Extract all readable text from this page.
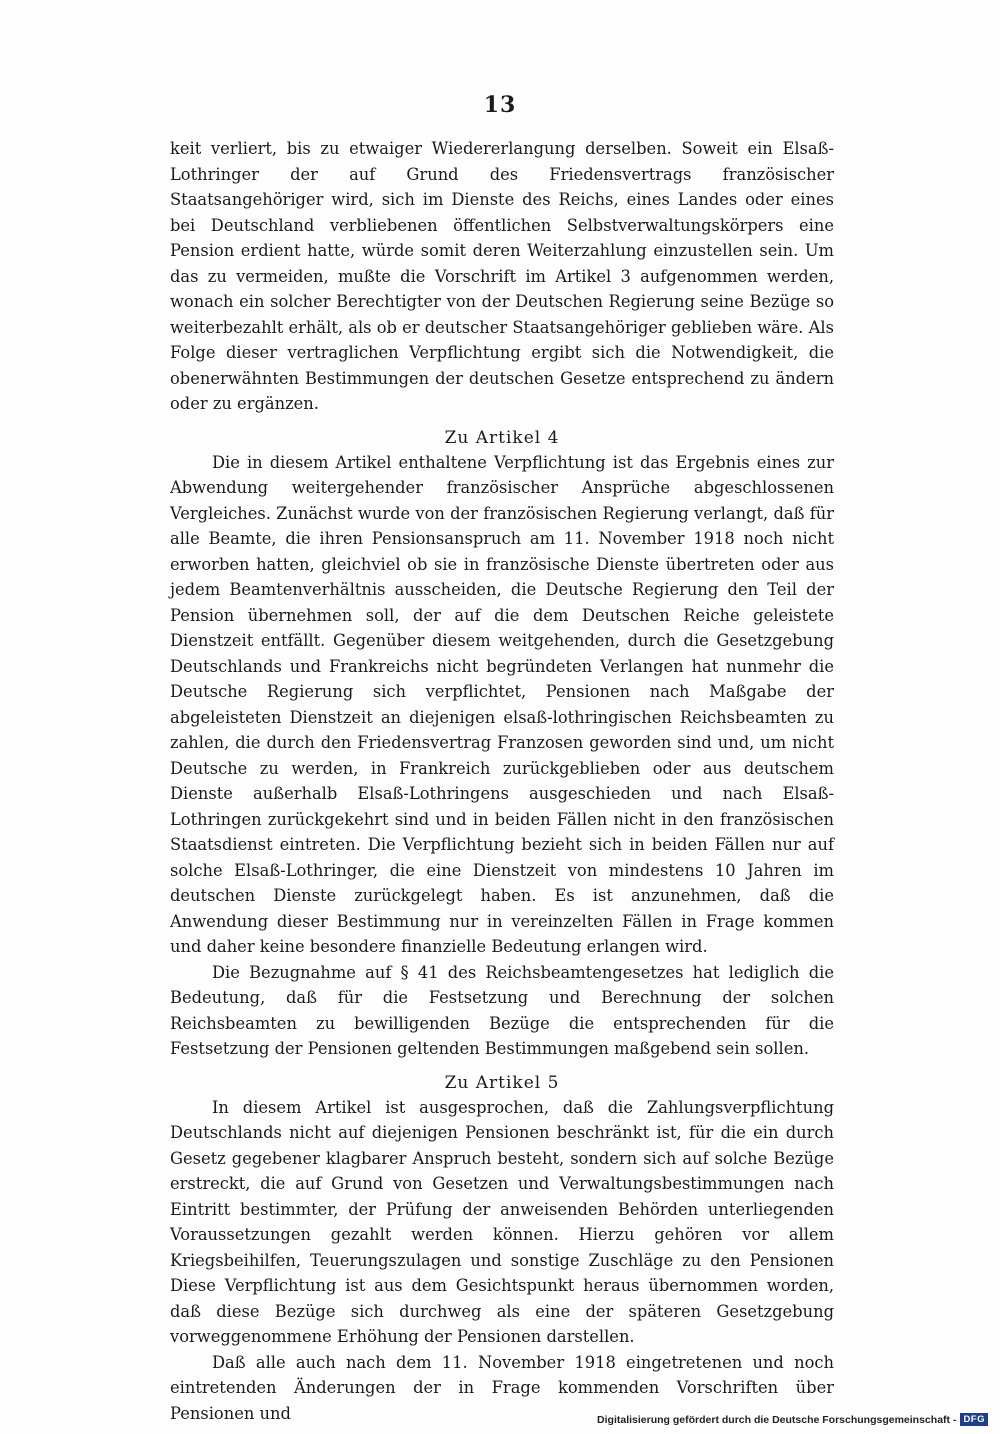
13

keit verliert, bis zu etwaiger Wiedererlangung derselben. Soweit ein Elsaß-Lothringer der auf Grund des Friedensvertrags französischer Staatsangehöriger wird, sich im Dienste des Reichs, eines Landes oder eines bei Deutschland verbliebenen öffentlichen Selbstverwaltungskörpers eine Pension erdient hatte, würde somit deren Weiterzahlung einzustellen sein. Um das zu vermeiden, mußte die Vorschrift im Artikel 3 aufgenommen werden, wonach ein solcher Berechtigter von der Deutschen Regierung seine Bezüge so weiterbezahlt erhält, als ob er deutscher Staatsangehöriger geblieben wäre. Als Folge dieser vertraglichen Verpflichtung ergibt sich die Notwendigkeit, die obenerwähnten Bestimmungen der deutschen Gesetze entsprechend zu ändern oder zu ergänzen.

Zu Artikel 4

Die in diesem Artikel enthaltene Verpflichtung ist das Ergebnis eines zur Abwendung weitergehender französischer Ansprüche abgeschlossenen Vergleiches. Zunächst wurde von der französischen Regierung verlangt, daß für alle Beamte, die ihren Pensionsanspruch am 11. November 1918 noch nicht erworben hatten, gleichviel ob sie in französische Dienste übertreten oder aus jedem Beamtenverhältnis ausscheiden, die Deutsche Regierung den Teil der Pension übernehmen soll, der auf die dem Deutschen Reiche geleistete Dienstzeit entfällt. Gegenüber diesem weitgehenden, durch die Gesetzgebung Deutschlands und Frankreichs nicht begründeten Verlangen hat nunmehr die Deutsche Regierung sich verpflichtet, Pensionen nach Maßgabe der abgeleisteten Dienstzeit an diejenigen elsaß-lothringischen Reichsbeamten zu zahlen, die durch den Friedensvertrag Franzosen geworden sind und, um nicht Deutsche zu werden, in Frankreich zurückgeblieben oder aus deutschem Dienste außerhalb Elsaß-Lothringens ausgeschieden und nach Elsaß-Lothringen zurückgekehrt sind und in beiden Fällen nicht in den französischen Staatsdienst eintreten. Die Verpflichtung bezieht sich in beiden Fällen nur auf solche Elsaß-Lothringer, die eine Dienstzeit von mindestens 10 Jahren im deutschen Dienste zurückgelegt haben. Es ist anzunehmen, daß die Anwendung dieser Bestimmung nur in vereinzelten Fällen in Frage kommen und daher keine besondere finanzielle Bedeutung erlangen wird.

Die Bezugnahme auf § 41 des Reichsbeamtengesetzes hat lediglich die Bedeutung, daß für die Festsetzung und Berechnung der solchen Reichsbeamten zu bewilligenden Bezüge die entsprechenden für die Festsetzung der Pensionen geltenden Bestimmungen maßgebend sein sollen.

Zu Artikel 5

In diesem Artikel ist ausgesprochen, daß die Zahlungsverpflichtung Deutschlands nicht auf diejenigen Pensionen beschränkt ist, für die ein durch Gesetz gegebener klagbarer Anspruch besteht, sondern sich auf solche Bezüge erstreckt, die auf Grund von Gesetzen und Verwaltungsbestimmungen nach Eintritt bestimmter, der Prüfung der anweisenden Behörden unterliegenden Voraussetzungen gezahlt werden können. Hierzu gehören vor allem Kriegsbeihilfen, Teuerungszulagen und sonstige Zuschläge zu den Pensionen Diese Verpflichtung ist aus dem Gesichtspunkt heraus übernommen worden, daß diese Bezüge sich durchweg als eine der späteren Gesetzgebung vorweggenommene Erhöhung der Pensionen darstellen.

Daß alle auch nach dem 11. November 1918 eingetretenen und noch eintretenden Änderungen der in Frage kommenden Vorschriften über Pensionen und	Digitalisierung gefördert durch die Deutsche Forschungsgemeinschaft - DFG
